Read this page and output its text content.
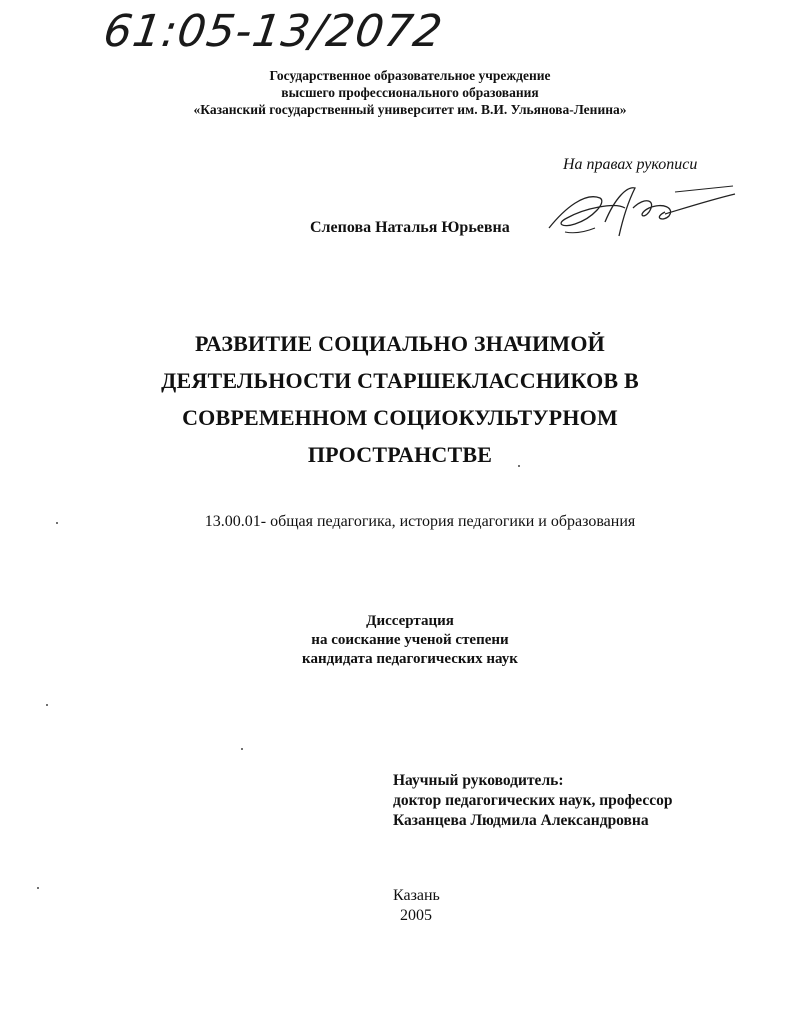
61:05-13/2072
Государственное образовательное учреждение
высшего профессионального образования
«Казанский государственный университет им. В.И. Ульянова-Ленина»
На правах рукописи
Слепова Наталья Юрьевна
РАЗВИТИЕ СОЦИАЛЬНО ЗНАЧИМОЙ
ДЕЯТЕЛЬНОСТИ СТАРШЕКЛАССНИКОВ В
СОВРЕМЕННОМ СОЦИОКУЛЬТУРНОМ
ПРОСТРАНСТВЕ
13.00.01- общая педагогика, история педагогики и образования
Диссертация
на соискание ученой степени
кандидата педагогических наук
Научный руководитель:
доктор педагогических наук, профессор
Казанцева Людмила Александровна
Казань
2005
